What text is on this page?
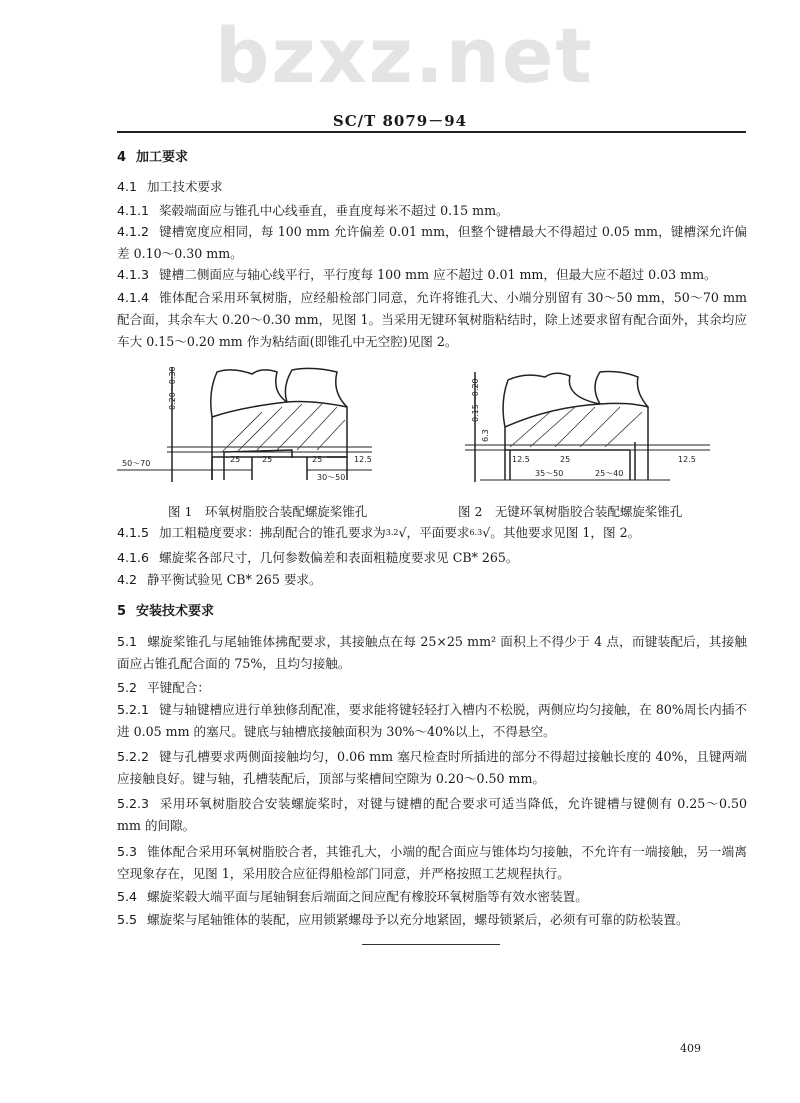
SC/T 8079－94
bzxz.net
4 加工要求
4.1 加工技术要求
4.1.1 桨毂端面应与锥孔中心线垂直，垂直度每米不超过 0.15 mm。
4.1.2 键槽宽度应相同，每 100 mm 允许偏差 0.01 mm，但整个键槽最大不得超过 0.05 mm，键槽深允许偏差 0.10～0.30 mm。
4.1.3 键槽二侧面应与轴心线平行，平行度每 100 mm 应不超过 0.01 mm，但最大应不超过 0.03 mm。
4.1.4 锥体配合采用环氧树脂，应经船检部门同意，允许将锥孔大、小端分别留有 30～50 mm，50～70 mm配合面，其余车大 0.20～0.30 mm，见图 1。当采用无键环氧树脂粘结时，除上述要求留有配合面外，其余均应车大 0.15～0.20 mm 作为粘结面(即锥孔中无空腔)见图 2。
0.20～0.30
50～70
30～50
25	25	25	12.5
0.15～0.20
6.3
35～50	25～40
12.5	25	12.5
图 1　环氧树脂胶合装配螺旋桨锥孔	图 2　无键环氧树脂胶合装配螺旋桨锥孔
4.1.5 加工粗糙度要求：拂刮配合的锥孔要求为$^{3.2}$√，平面要求$^{6.3}$√。其他要求见图 1，图 2。
4.1.6 螺旋桨各部尺寸，几何参数偏差和表面粗糙度要求见 CB* 265。
4.2 静平衡试验见 CB* 265 要求。
5 安装技术要求
5.1 螺旋桨锥孔与尾轴锥体拂配要求，其接触点在每 25×25 mm² 面积上不得少于 4 点，而键装配后，其接触面应占锥孔配合面的 75%，且均匀接触。
5.2 平键配合：
5.2.1 键与轴键槽应进行单独修刮配准，要求能将键轻轻打入槽内不松脱，两侧应均匀接触，在 80%周长内插不进 0.05 mm 的塞尺。键底与轴槽底接触面积为 30%～40%以上，不得悬空。
5.2.2 键与孔槽要求两侧面接触均匀，0.06 mm 塞尺检查时所插进的部分不得超过接触长度的 40%，且键两端应接触良好。键与轴，孔槽装配后，顶部与桨槽间空隙为 0.20～0.50 mm。
5.2.3 采用环氧树脂胶合安装螺旋桨时，对键与键槽的配合要求可适当降低，允许键槽与键侧有 0.25～0.50 mm 的间隙。
5.3 锥体配合采用环氧树脂胶合者，其锥孔大，小端的配合面应与锥体均匀接触，不允许有一端接触，另一端离空现象存在，见图 1，采用胶合应征得船检部门同意，并严格按照工艺规程执行。
5.4 螺旋桨毂大端平面与尾轴铜套后端面之间应配有橡胶环氧树脂等有效水密装置。
5.5 螺旋桨与尾轴锥体的装配，应用锁紧螺母予以充分地紧固，螺母锁紧后，必须有可靠的防松装置。
409
